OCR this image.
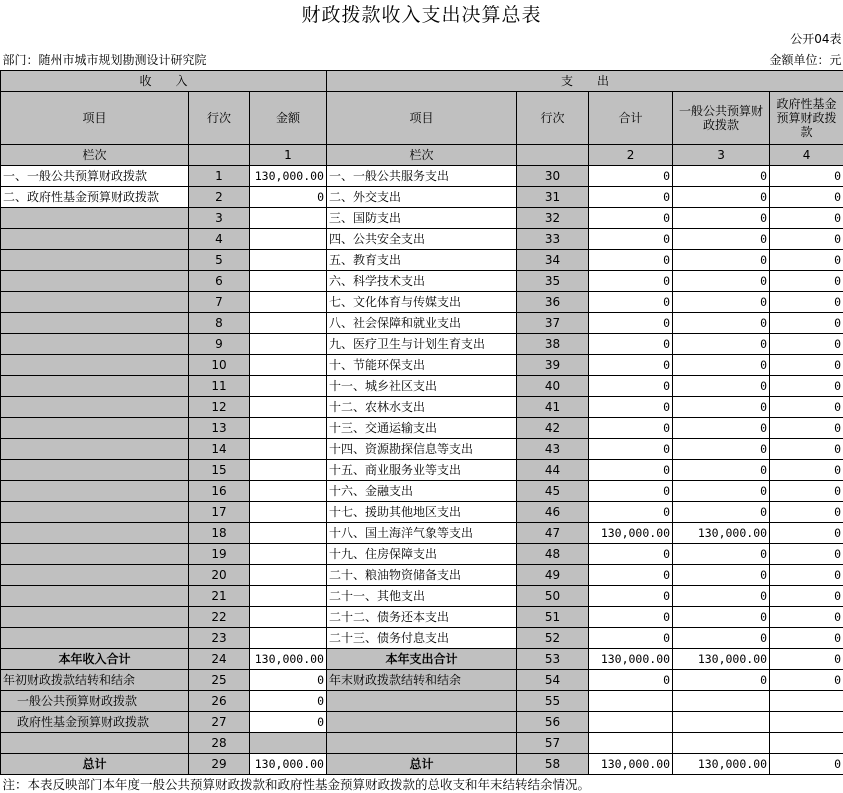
财政拨款收入支出决算总表
						公开04表	
部门：随州市城市规划勘测设计研究院						金额单位：元	
收　　入			支　　出				
项目	行次	金额	项目	行次	合计	一般公共预算财政拨款	政府性基金预算财政拨款
栏次		1	栏次		2	3	4
一、一般公共预算财政拨款	1	130,000.00	一、一般公共服务支出	30	0	0	0
二、政府性基金预算财政拨款	2	0	二、外交支出	31	0	0	0
	3		三、国防支出	32	0	0	0
	4		四、公共安全支出	33	0	0	0
	5		五、教育支出	34	0	0	0
	6		六、科学技术支出	35	0	0	0
	7		七、文化体育与传媒支出	36	0	0	0
	8		八、社会保障和就业支出	37	0	0	0
	9		九、医疗卫生与计划生育支出	38	0	0	0
	10		十、节能环保支出	39	0	0	0
	11		十一、城乡社区支出	40	0	0	0
	12		十二、农林水支出	41	0	0	0
	13		十三、交通运输支出	42	0	0	0
	14		十四、资源勘探信息等支出	43	0	0	0
	15		十五、商业服务业等支出	44	0	0	0
	16		十六、金融支出	45	0	0	0
	17		十七、援助其他地区支出	46	0	0	0
	18		十八、国土海洋气象等支出	47	130,000.00	130,000.00	0
	19		十九、住房保障支出	48	0	0	0
	20		二十、粮油物资储备支出	49	0	0	0
	21		二十一、其他支出	50	0	0	0
	22		二十二、债务还本支出	51	0	0	0
	23		二十三、债务付息支出	52	0	0	0
本年收入合计	24	130,000.00	本年支出合计	53	130,000.00	130,000.00	0
年初财政拨款结转和结余	25	0	年末财政拨款结转和结余	54	0	0	0
一般公共预算财政拨款	26	0		55			
政府性基金预算财政拨款	27	0		56			
	28			57			
总计	29	130,000.00	总计	58	130,000.00	130,000.00	0
注：本表反映部门本年度一般公共预算财政拨款和政府性基金预算财政拨款的总收支和年末结转结余情况。							
